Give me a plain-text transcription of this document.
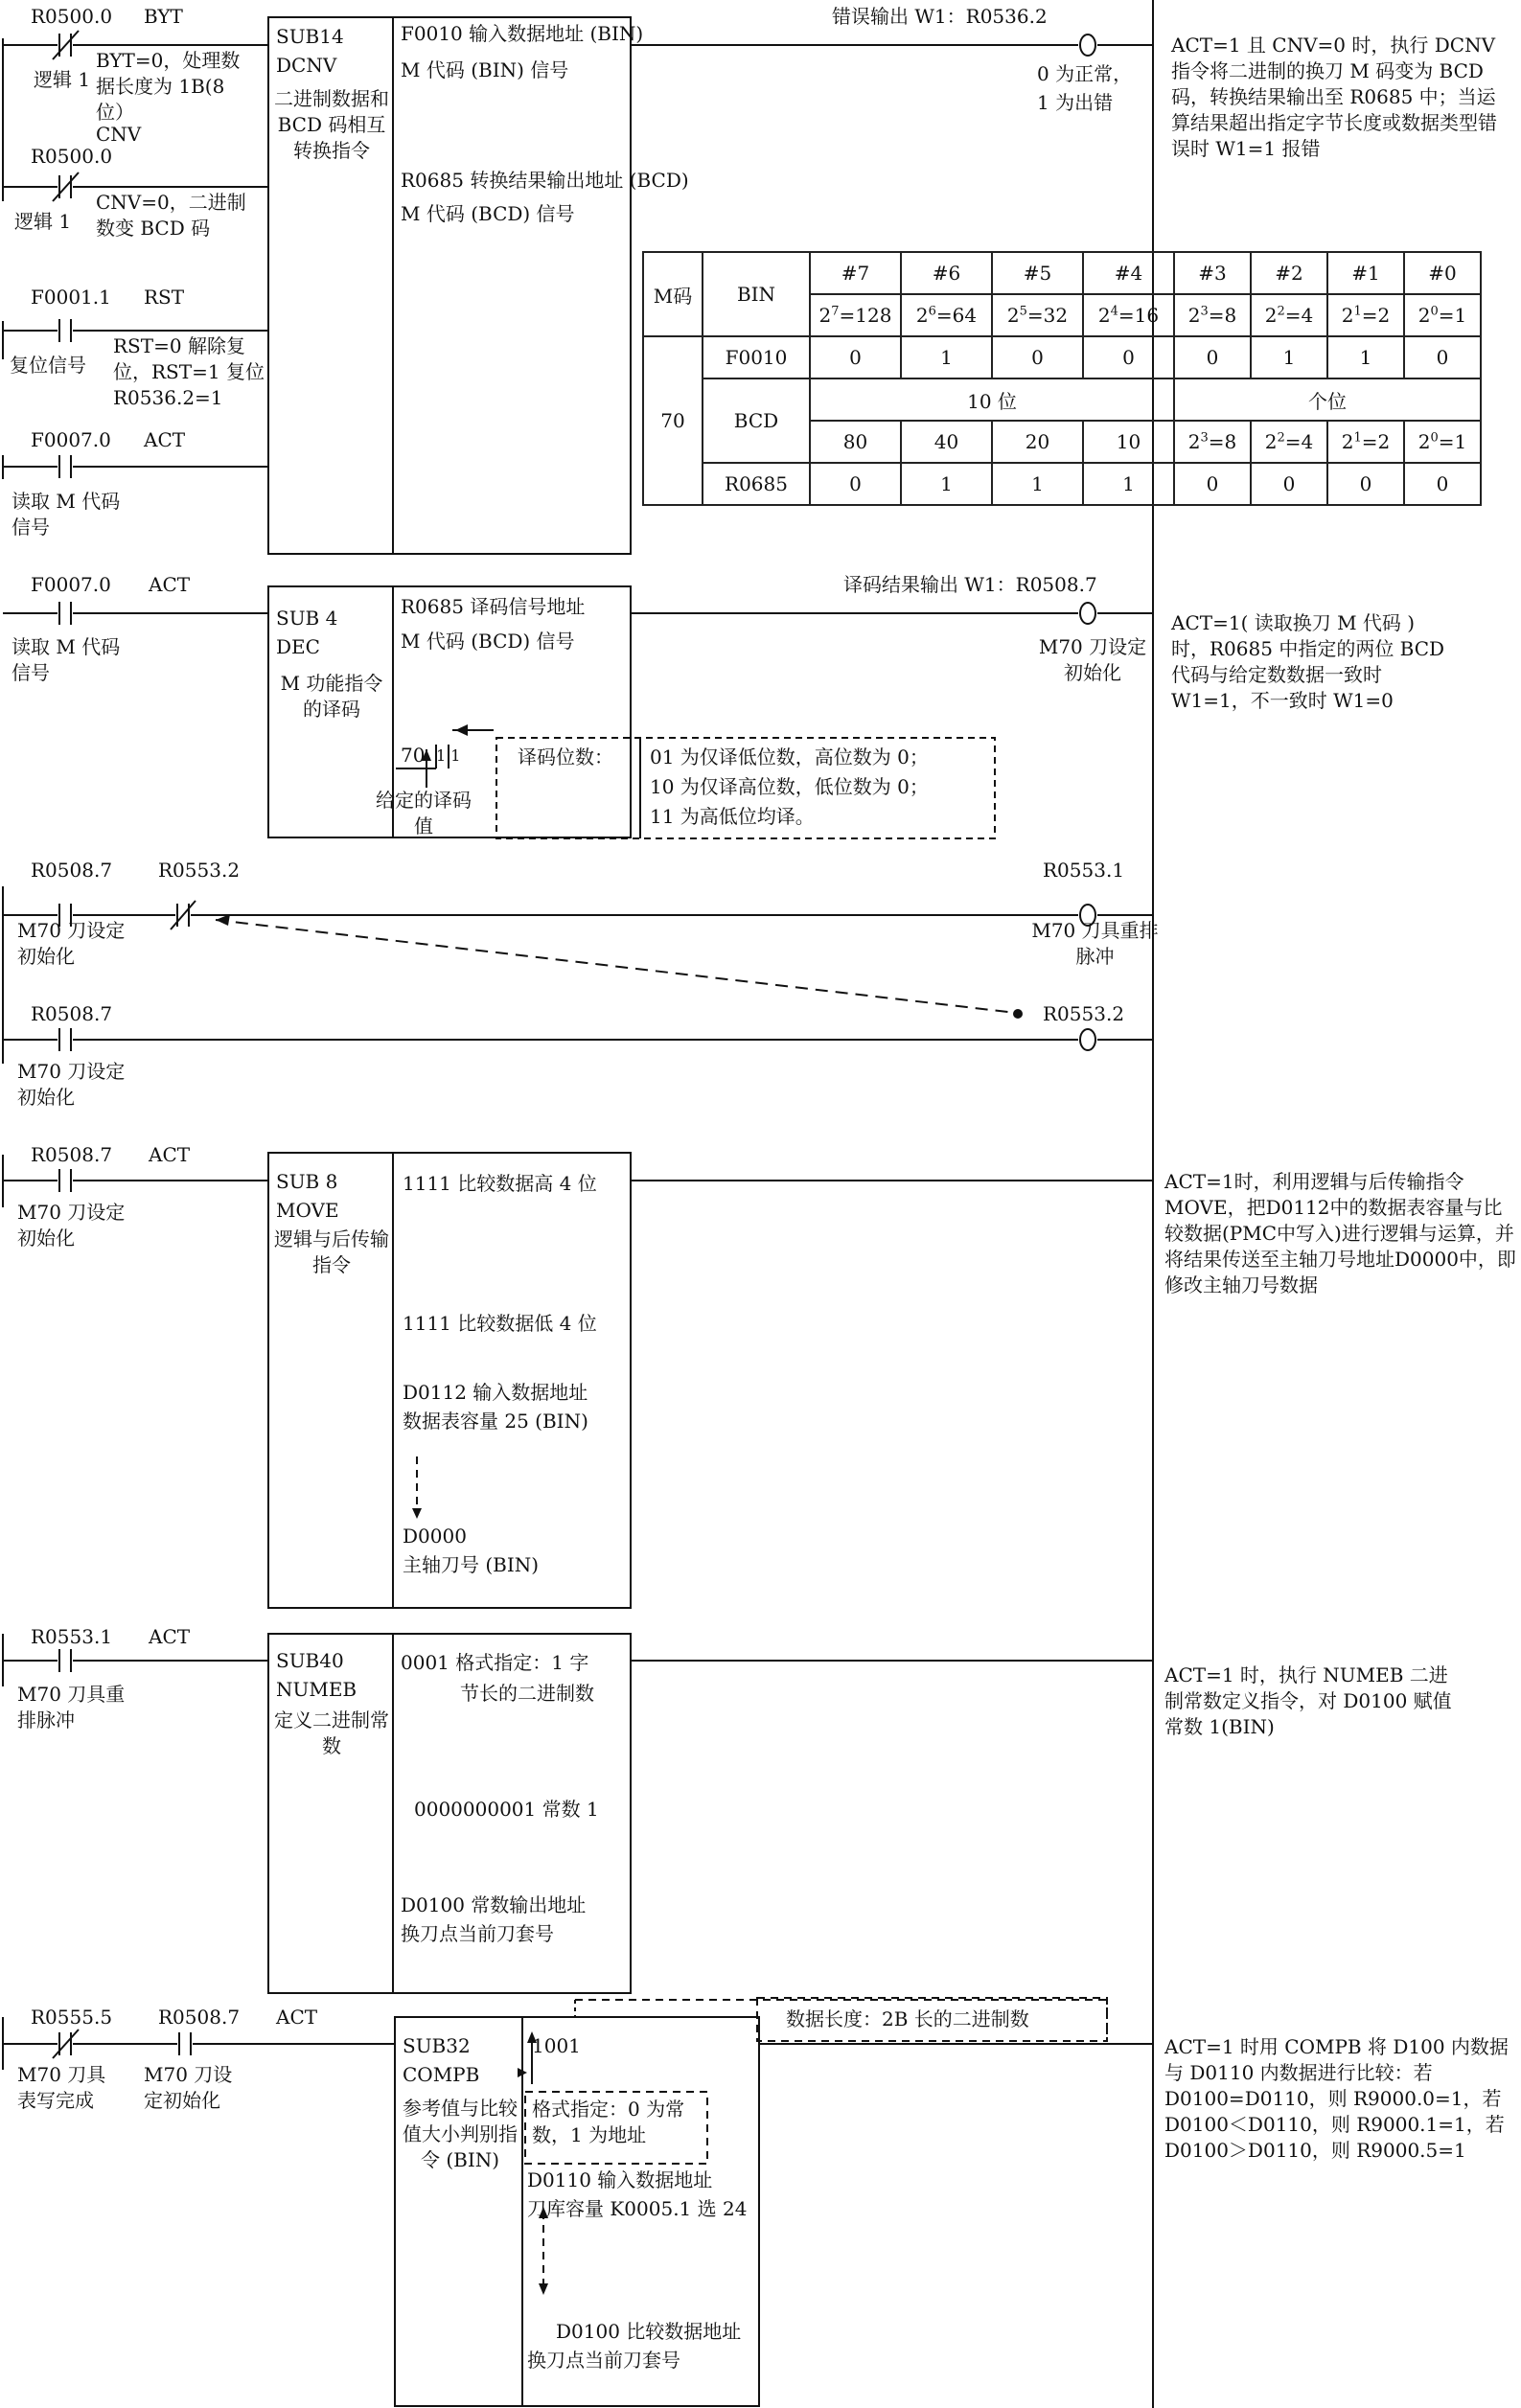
R0500.0 BYT
逻辑 1
BYT=0，处理数据长度为 1B(8 位）
CNV
R0500.0
逻辑 1
CNV=0，二进制数变 BCD 码
F0001.1 RST
复位信号
RST=0 解除复位，RST=1 复位 R0536.2=1
F0007.0 ACT
读取 M 代码信号
SUB14
DCNV
二进制数据和 BCD 码相互转换指令
F0010 输入数据地址 (BIN)
M 代码 (BIN) 信号
R0685 转换结果输出地址 (BCD)
M 代码 (BCD) 信号
错误输出 W1：R0536.2
0 为正常，
1 为出错
ACT=1 且 CNV=0 时，执行 DCNV 指令将二进制的换刀 M 码变为 BCD 码，转换结果输出至 R0685 中；当运算结果超出指定字节长度或数据类型错误时 W1=1 报错
M码	BIN	#7	#6	#5	#4	#3	#2	#1	#0
		$2^7=128$	$2^6=64$	$2^5=32$	$2^4=16$	$2^3=8$	$2^2=4$	$2^1=2$	$2^0=1$
70	F0010	0	1	0	0	0	1	1	0
	BCD	10 位				个位			
		80	40	20	10	$2^3=8$	$2^2=4$	$2^1=2$	$2^0=1$
	R0685	0	1	1	1	0	0	0	0
F0007.0 ACT
读取 M 代码信号
SUB 4
DEC
M 功能指令的译码
R0685 译码信号地址
M 代码 (BCD) 信号
70 1 1
给定的译码值
译码位数： 01 为仅译低位数，高位数为 0；
10 为仅译高位数，低位数为 0；
11 为高低位均译。
译码结果输出 W1：R0508.7
M70 刀设定初始化
ACT=1( 读取换刀 M 代码 ) 时，R0685 中指定的两位 BCD 代码与给定数数据一致时 W1=1，不一致时 W1=0
R0508.7
M70 刀设定初始化
R0553.2	R0553.1
M70 刀具重排脉冲
R0508.7
M70 刀设定初始化
R0553.2
R0508.7 ACT
M70 刀设定初始化
SUB 8
MOVE
逻辑与后传输指令
1111 比较数据高 4 位
1111 比较数据低 4 位
D0112 输入数据地址
数据表容量 25 (BIN)
D0000
主轴刀号 (BIN)
ACT=1时，利用逻辑与后传输指令MOVE，把D0112中的数据表容量与比较数据(PMC中写入)进行逻辑与运算，并将结果传送至主轴刀号地址D0000中，即修改主轴刀号数据
R0553.1 ACT
M70 刀具重排脉冲
SUB40
NUMEB
定义二进制常数
0001 格式指定：1 字
节长的二进制数
0000000001 常数 1
D0100 常数输出地址
换刀点当前刀套号
ACT=1 时，执行 NUMEB 二进制常数定义指令，对 D0100 赋值常数 1(BIN)
R0555.5
M70 刀具表写完成
R0508.7
M70 刀设定初始化
ACT
SUB32
COMPB
参考值与比较值大小判别指令 (BIN)
1001
格式指定：0 为常数，1 为地址
D0110 输入数据地址
刀库容量 K0005.1 选 24
D0100 比较数据地址
换刀点当前刀套号
数据长度：2B 长的二进制数
ACT=1 时用 COMPB 将 D100 内数据与 D0110 内数据进行比较：若 D0100=D0110，则 R9000.0=1，若 D0100＜D0110，则 R9000.1=1，若 D0100＞D0110，则 R9000.5=1
